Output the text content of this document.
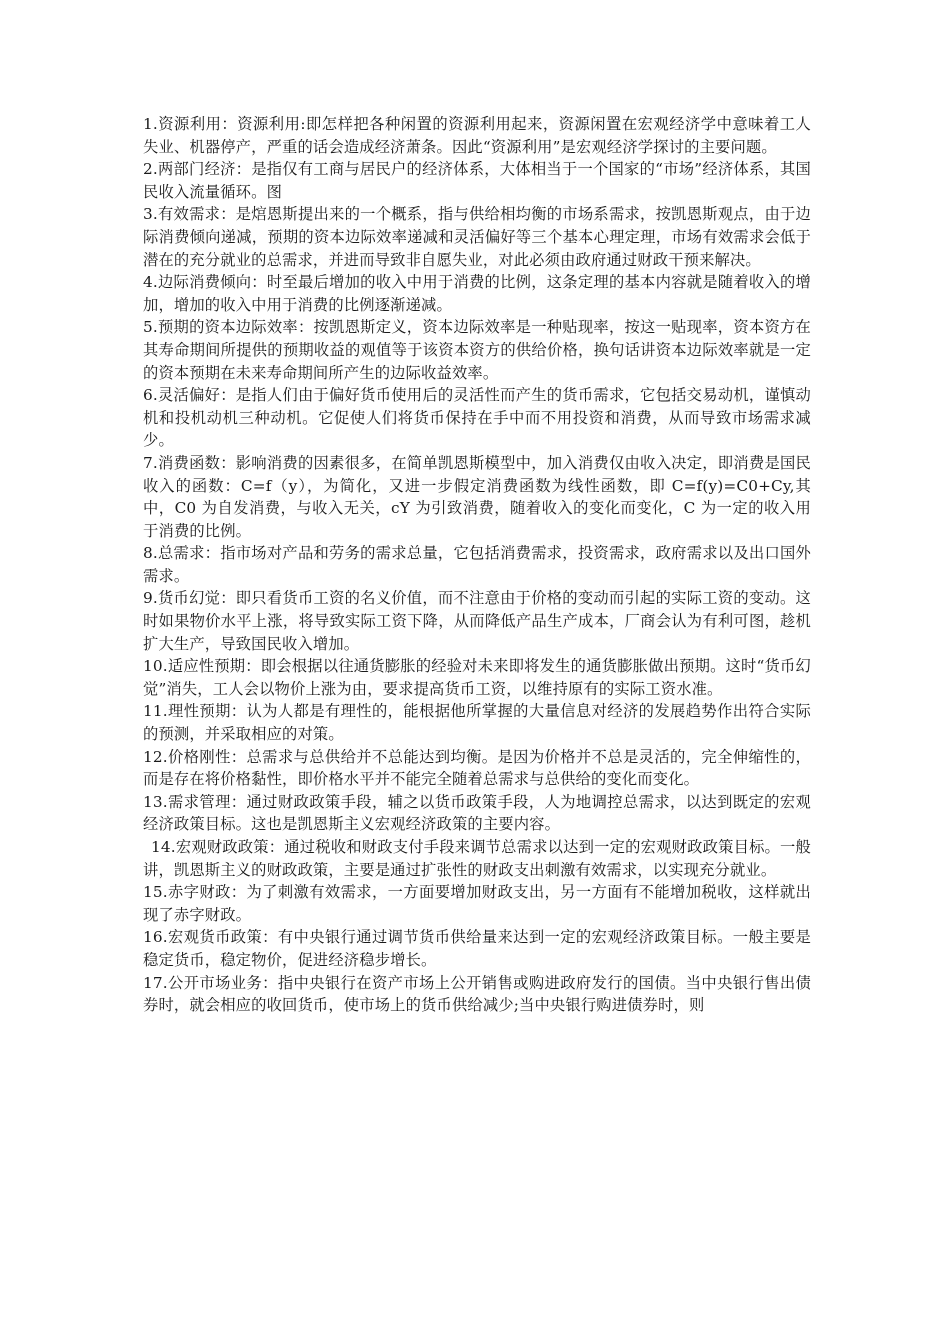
1.资源利用：资源利用:即怎样把各种闲置的资源利用起来，资源闲置在宏观经济学中意味着工人失业、机器停产，严重的话会造成经济萧条。因此“资源利用”是宏观经济学探讨的主要问题。

2.两部门经济：是指仅有工商与居民户的经济体系，大体相当于一个国家的“市场”经济体系，其国民收入流量循环。图

3.有效需求：是熍恩斯提出来的一个概系，指与供给相均衡的市场系需求，按凯恩斯观点，由于边际消费倾向递减，预期的资本边际效率递减和灵活偏好等三个基本心理定理，市场有效需求会低于潜在的充分就业的总需求，并进而导致非自愿失业，对此必须由政府通过财政干预来解决。

4.边际消费倾向：时至最后增加的收入中用于消费的比例，这条定理的基本内容就是随着收入的增加，增加的收入中用于消费的比例逐渐递减。

5.预期的资本边际效率：按凯恩斯定义，资本边际效率是一种贴现率，按这一贴现率，资本资方在其寿命期间所提供的预期收益的观值等于该资本资方的供给价格，换句话讲资本边际效率就是一定的资本预期在未来寿命期间所产生的边际收益效率。

6.灵活偏好：是指人们由于偏好货币使用后的灵活性而产生的货币需求，它包括交易动机，谨慎动机和投机动机三种动机。它促使人们将货币保持在手中而不用投资和消费，从而导致市场需求减少。

7.消费函数：影响消费的因素很多，在简单凯恩斯模型中，加入消费仅由收入决定，即消费是国民收入的函数：C=f（y），为简化，又进一步假定消费函数为线性函数，即 C=f(y)=C0+Cy,其中，C0 为自发消费，与收入无关，cY 为引致消费，随着收入的变化而变化，C 为一定的收入用于消费的比例。

8.总需求：指市场对产品和劳务的需求总量，它包括消费需求，投资需求，政府需求以及出口国外需求。

9.货币幻觉：即只看货币工资的名义价值，而不注意由于价格的变动而引起的实际工资的变动。这时如果物价水平上涨，将导致实际工资下降，从而降低产品生产成本，厂商会认为有利可图，趁机扩大生产，导致国民收入增加。

10.适应性预期：即会根据以往通货膨胀的经验对未来即将发生的通货膨胀做出预期。这时“货币幻觉”消失，工人会以物价上涨为由，要求提高货币工资，以维持原有的实际工资水准。

11.理性预期：认为人都是有理性的，能根据他所掌握的大量信息对经济的发展趋势作出符合实际的预测，并采取相应的对策。

12.价格刚性：总需求与总供给并不总能达到均衡。是因为价格并不总是灵活的，完全伸缩性的，而是存在将价格黏性，即价格水平并不能完全随着总需求与总供给的变化而变化。

13.需求管理：通过财政政策手段，辅之以货币政策手段，人为地调控总需求，以达到既定的宏观经济政策目标。这也是凯恩斯主义宏观经济政策的主要内容。

14.宏观财政政策：通过税收和财政支付手段来调节总需求以达到一定的宏观财政政策目标。一般讲，凯恩斯主义的财政政策，主要是通过扩张性的财政支出刺激有效需求，以实现充分就业。

15.赤字财政：为了刺激有效需求，一方面要增加财政支出，另一方面有不能增加税收，这样就出现了赤字财政。

16.宏观货币政策：有中央银行通过调节货币供给量来达到一定的宏观经济政策目标。一般主要是稳定货币，稳定物价，促进经济稳步增长。

17.公开市场业务：指中央银行在资产市场上公开销售或购进政府发行的国债。当中央银行售出债券时，就会相应的收回货币，使市场上的货币供给减少;当中央银行购进债券时，则
